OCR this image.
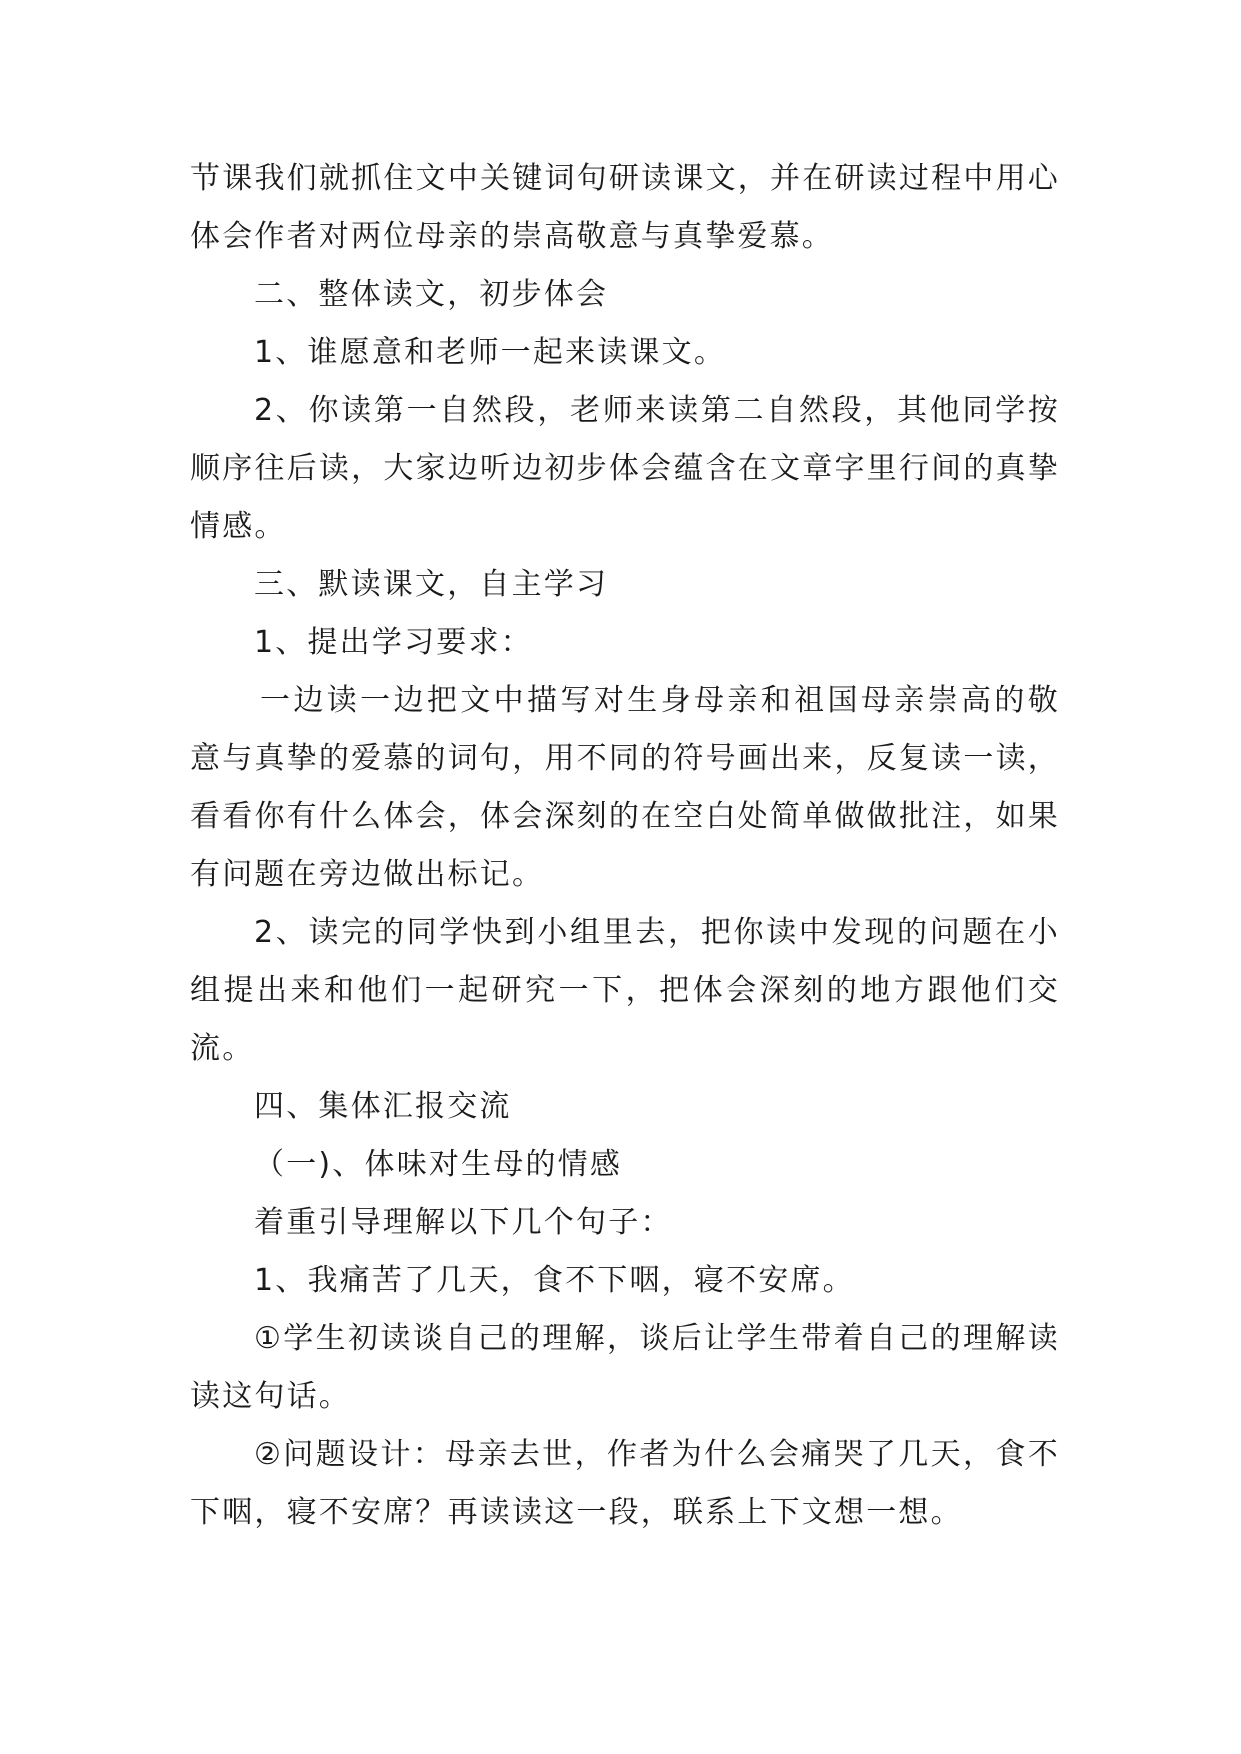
节课我们就抓住文中关键词句研读课文，并在研读过程中用心体会作者对两位母亲的崇高敬意与真挚爱慕。

二、整体读文，初步体会

1、谁愿意和老师一起来读课文。

2、你读第一自然段，老师来读第二自然段，其他同学按顺序往后读，大家边听边初步体会蕴含在文章字里行间的真挚情感。

三、默读课文，自主学习

1、提出学习要求：

一边读一边把文中描写对生身母亲和祖国母亲崇高的敬意与真挚的爱慕的词句，用不同的符号画出来，反复读一读，看看你有什么体会，体会深刻的在空白处简单做做批注，如果有问题在旁边做出标记。

2、读完的同学快到小组里去，把你读中发现的问题在小组提出来和他们一起研究一下，把体会深刻的地方跟他们交流。

四、集体汇报交流

（一)、体味对生母的情感

着重引导理解以下几个句子：

1、我痛苦了几天，食不下咽，寝不安席。

①学生初读谈自己的理解，谈后让学生带着自己的理解读读这句话。

②问题设计：母亲去世，作者为什么会痛哭了几天，食不下咽，寝不安席？再读读这一段，联系上下文想一想。
